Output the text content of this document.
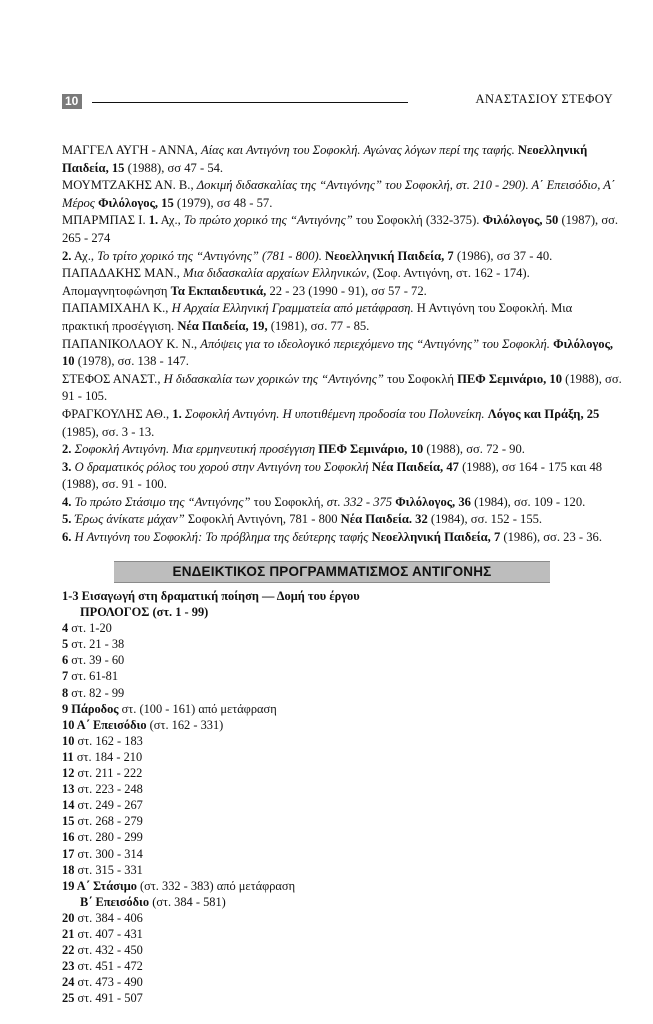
10	ΑΝΑΣΤΑΣΙΟΥ ΣΤΕΦΟΥ
ΜΑΓΓΕΛ ΑΥΓΗ - ΑΝΝΑ, Αίας και Αντιγόνη του Σοφοκλή. Αγώνας λόγων περί της ταφής. Νεοελληνική Παιδεία, 15 (1988), σσ 47 - 54.
ΜΟΥΜΤΖΑΚΗΣ ΑΝ. Β., Δοκιμή διδασκαλίας της “Αντιγόνης” του Σοφοκλή, στ. 210 - 290). Α΄ Επεισόδιο, Α΄ Μέρος Φιλόλογος, 15 (1979), σσ 48 - 57.
ΜΠΑΡΜΠΑΣ Ι. 1. Αχ., Το πρώτο χορικό της “Αντιγόνης” του Σοφοκλή (332-375). Φιλόλογος, 50 (1987), σσ. 265 - 274
2. Αχ., Το τρίτο χορικό της “Αντιγόνης” (781 - 800). Νεοελληνική Παιδεία, 7 (1986), σσ 37 - 40.
ΠΑΠΑΔΑΚΗΣ ΜΑΝ., Μια διδασκαλία αρχαίων Ελληνικών, (Σοφ. Αντιγόνη, στ. 162 - 174). Απομαγνητοφώνηση Τα Εκπαιδευτικά, 22 - 23 (1990 - 91), σσ 57 - 72.
ΠΑΠΑΜΙΧΑΗΛ Κ., Η Αρχαία Ελληνική Γραμματεία από μετάφραση. Η Αντιγόνη του Σοφοκλή. Μια πρακτική προσέγγιση. Νέα Παιδεία, 19, (1981), σσ. 77 - 85.
ΠΑΠΑΝΙΚΟΛΑΟΥ Κ. Ν., Απόψεις για το ιδεολογικό περιεχόμενο της “Αντιγόνης” του Σοφοκλή. Φιλόλογος, 10 (1978), σσ. 138 - 147.
ΣΤΕΦΟΣ ΑΝΑΣΤ., Η διδασκαλία των χορικών της “Αντιγόνης” του Σοφοκλή ΠΕΦ Σεμινάριο, 10 (1988), σσ. 91 - 105.
ΦΡΑΓΚΟΥΛΗΣ ΑΘ., 1. Σοφοκλή Αντιγόνη. Η υποτιθέμενη προδοσία του Πολυνείκη. Λόγος και Πράξη, 25 (1985), σσ. 3 - 13.
2. Σοφοκλή Αντιγόνη. Μια ερμηνευτική προσέγγιση ΠΕΦ Σεμινάριο, 10 (1988), σσ. 72 - 90.
3. Ο δραματικός ρόλος του χορού στην Αντιγόνη του Σοφοκλή Νέα Παιδεία, 47 (1988), σσ 164 - 175 και 48 (1988), σσ. 91 - 100.
4. Το πρώτο Στάσιμο της “Αντιγόνης” του Σοφοκλή, στ. 332 - 375 Φιλόλογος, 36 (1984), σσ. 109 - 120.
5. Έρως άνίκατε μάχαν” Σοφοκλή Αντιγόνη, 781 - 800 Νέα Παιδεία. 32 (1984), σσ. 152 - 155.
6. Η Αντιγόνη του Σοφοκλή: Το πρόβλημα της δεύτερης ταφής Νεοελληνική Παιδεία, 7 (1986), σσ. 23 - 36.
ΕΝΔΕΙΚΤΙΚΟΣ ΠΡΟΓΡΑΜΜΑΤΙΣΜΟΣ ΑΝΤΙΓΟΝΗΣ
1-3 Εισαγωγή στη δραματική ποίηση — Δομή του έργου
ΠΡΟΛΟΓΟΣ (στ. 1 - 99)
4 στ. 1-20
5 στ. 21 - 38
6 στ. 39 - 60
7 στ. 61-81
8 στ. 82 - 99
9 Πάροδος στ. (100 - 161) από μετάφραση
10 Α΄ Επεισόδιο (στ. 162 - 331)
10 στ. 162 - 183
11 στ. 184 - 210
12 στ. 211 - 222
13 στ. 223 - 248
14 στ. 249 - 267
15 στ. 268 - 279
16 στ. 280 - 299
17 στ. 300 - 314
18 στ. 315 - 331
19 Α΄ Στάσιμο (στ. 332 - 383) από μετάφραση
Β΄ Επεισόδιο (στ. 384 - 581)
20 στ. 384 - 406
21 στ. 407 - 431
22 στ. 432 - 450
23 στ. 451 - 472
24 στ. 473 - 490
25 στ. 491 - 507
